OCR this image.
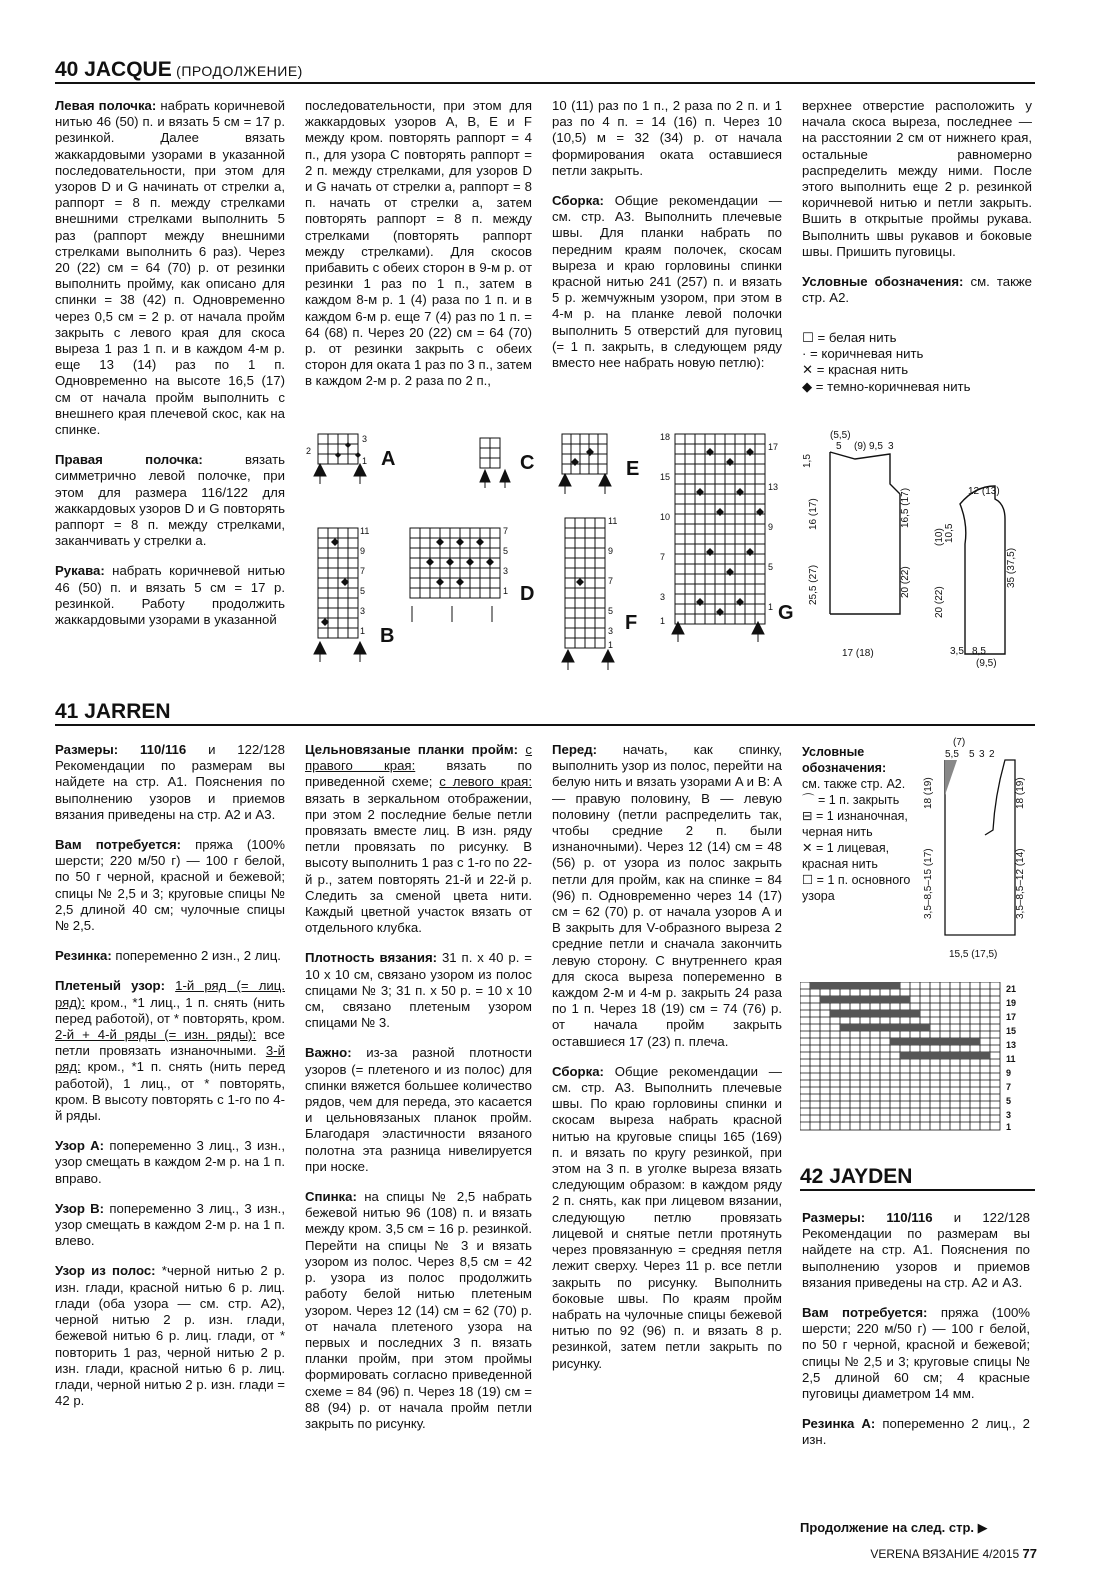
40 JACQUE (ПРОДОЛЖЕНИЕ)

Левая полочка: набрать коричневой нитью 46 (50) п. и вязать 5 см = 17 р. резинкой. Далее вязать жаккардовыми узорами в указанной последовательности, при этом для узоров D и G начинать от стрелки a, раппорт = 8 п. между стрелками внешними стрелками выполнить 5 раз (раппорт между внешними стрелками выполнить 6 раз). Через 20 (22) см = 64 (70) р. от резинки выполнить пройму, как описано для спинки = 38 (42) п. Одновременно через 0,5 см = 2 р. от начала пройм закрыть с левого края для скоса выреза 1 раз 1 п. и в каждом 4-м р. еще 13 (14) раз по 1 п. Одновременно на высоте 16,5 (17) см от начала пройм выполнить с внешнего края плечевой скос, как на спинке.

Правая полочка: вязать симметрично левой полочке, при этом для размера 116/122 для жаккардовых узоров D и G повторять раппорт = 8 п. между стрелками, заканчивать у стрелки a.

Рукава: набрать коричневой нитью 46 (50) п. и вязать 5 см = 17 р. резинкой. Работу продолжить жаккардовыми узорами в указанной

последовательности, при этом для жаккардовых узоров A, B, E и F между кром. повторять раппорт = 4 п., для узора C повторять раппорт = 2 п. между стрелками, для узоров D и G начать от стрелки a, раппорт = 8 п. начать от стрелки a, затем повторять раппорт = 8 п. между стрелками (повторять раппорт между стрелками). Для скосов прибавить с обеих сторон в 9-м р. от резинки 1 раз по 1 п., затем в каждом 8-м р. 1 (4) раза по 1 п. и в каждом 6-м р. еще 7 (4) раз по 1 п. = 64 (68) п. Через 20 (22) см = 64 (70) р. от резинки закрыть с обеих сторон для оката 1 раз по 3 п., затем в каждом 2-м р. 2 раза по 2 п.,

10 (11) раз по 1 п., 2 раза по 2 п. и 1 раз по 4 п. = 14 (16) п. Через 10 (10,5) м = 32 (34) р. от начала формирования оката оставшиеся петли закрыть.

Сборка: Общие рекомендации — см. стр. A3. Выполнить плечевые швы. Для планки набрать по передним краям полочек, скосам выреза и краю горловины спинки красной нитью 241 (257) п. и вязать 5 р. жемчужным узором, при этом в 4-м р. на планке левой полочки выполнить 5 отверстий для пуговиц (= 1 п. закрыть, в следующем ряду вместо нее набрать новую петлю):

верхнее отверстие расположить у начала скоса выреза, последнее — на расстоянии 2 см от нижнего края, остальные равномерно распределить между ними. После этого выполнить еще 2 р. резинкой коричневой нитью и петли закрыть. Вшить в открытые проймы рукава. Выполнить швы рукавов и боковые швы. Пришить пуговицы.

Условные обозначения: см. также стр. A2.

☐ = белая нить
· = коричневая нить
✕ = красная нить
◆ = темно-коричневая нить
3
2
1
11
9
7
5
3
1
7
5
3
1
11
9
7
5
3
1
18
15
10
7
3
1
17
13
9
5
1
A	C	E
B
D
F	G
(5,5)
5 (9) 9,5 3
1,5
16 (17)	16,5 (17)
25,5 (27)	20 (22)
17 (18)
12 (13)
(10) 10,5
35 (37,5)
20 (22)
3,5 8,5
(9,5)
41 JARREN

Размеры: 110/116 и 122/128 Рекомендации по размерам вы найдете на стр. A1. Пояснения по выполнению узоров и приемов вязания приведены на стр. A2 и A3.

Вам потребуется: пряжа (100% шерсти; 220 м/50 г) — 100 г белой, по 50 г черной, красной и бежевой; спицы № 2,5 и 3; круговые спицы № 2,5 длиной 40 см; чулочные спицы № 2,5.

Резинка: попеременно 2 изн., 2 лиц.

Плетеный узор: 1-й ряд (= лиц. ряд): кром., *1 лиц., 1 п. снять (нить перед работой), от * повторять, кром. 2-й + 4-й ряды (= изн. ряды): все петли провязать изнаночными. 3-й ряд: кром., *1 п. снять (нить перед работой), 1 лиц., от * повторять, кром. В высоту повторять с 1-го по 4-й ряды.

Узор А: попеременно 3 лиц., 3 изн., узор смещать в каждом 2-м р. на 1 п. вправо.

Узор В: попеременно 3 лиц., 3 изн., узор смещать в каждом 2-м р. на 1 п. влево.

Узор из полос: *черной нитью 2 р. изн. глади, красной нитью 6 р. лиц. глади (оба узора — см. стр. A2), черной нитью 2 р. изн. глади, бежевой нитью 6 р. лиц. глади, от * повторить 1 раз, черной нитью 2 р. изн. глади, красной нитью 6 р. лиц. глади, черной нитью 2 р. изн. глади = 42 р.

Цельновязаные планки пройм: с правого края: вязать по приведенной схеме; с левого края: вязать в зеркальном отображении, при этом 2 последние белые петли провязать вместе лиц. В изн. ряду петли провязать по рисунку. В высоту выполнить 1 раз с 1-го по 22-й р., затем повторять 21-й и 22-й р. Следить за сменой цвета нити. Каждый цветной участок вязать от отдельного клубка.

Плотность вязания: 31 п. х 40 р. = 10 х 10 см, связано узором из полос спицами № 3; 31 п. х 50 р. = 10 х 10 см, связано плетеным узором спицами № 3.

Важно: из-за разной плотности узоров (= плетеного и из полос) для спинки вяжется большее количество рядов, чем для переда, это касается и цельновязаных планок пройм. Благодаря эластичности вязаного полотна эта разница нивелируется при носке.

Спинка: на спицы № 2,5 набрать бежевой нитью 96 (108) п. и вязать между кром. 3,5 см = 16 р. резинкой. Перейти на спицы № 3 и вязать узором из полос. Через 8,5 см = 42 р. узора из полос продолжить работу белой нитью плетеным узором. Через 12 (14) см = 62 (70) р. от начала плетеного узора на первых и последних 3 п. вязать планки пройм, при этом проймы формировать согласно приведенной схеме = 84 (96) п. Через 18 (19) см = 88 (94) р. от начала пройм петли закрыть по рисунку.

Перед: начать, как спинку, выполнить узор из полос, перейти на белую нить и вязать узорами A и B: A — правую половину, B — левую половину (петли распределить так, чтобы средние 2 п. были изнаночными). Через 12 (14) см = 48 (56) р. от узора из полос закрыть петли для пройм, как на спинке = 84 (96) п. Одновременно через 14 (17) см = 62 (70) р. от начала узоров A и B закрыть для V-образного выреза 2 средние петли и сначала закончить левую сторону. С внутреннего края для скоса выреза попеременно в каждом 2-м и 4-м р. закрыть 24 раза по 1 п. Через 18 (19) см = 74 (76) р. от начала пройм закрыть оставшиеся 17 (23) п. плеча.

Сборка: Общие рекомендации — см. стр. A3. Выполнить плечевые швы. По краю горловины спинки и скосам выреза набрать красной нитью на круговые спицы 165 (169) п. и вязать по кругу резинкой, при этом на 3 п. в уголке выреза вязать следующим образом: в каждом ряду 2 п. снять, как при лицевом вязании, следующую петлю провязать лицевой и снятые петли протянуть через провязанную = средняя петля лежит сверху. Через 11 р. все петли закрыть по рисунку. Выполнить боковые швы. По краям пройм набрать на чулочные спицы бежевой нитью по 92 (96) п. и вязать 8 р. резинкой, затем петли закрыть по рисунку.

Условные обозначения:
см. также стр. A2.
⌒ = 1 п. закрыть
⊟ = 1 изнаночная, черная нить
✕ = 1 лицевая, красная нить
☐ = 1 п. основного узора
(7)
5,5 5 3 2
18 (19)
3,5–8,5–15 (17)
18 (19)
3,5–8,5–12 (14)
15,5 (17,5)
21
19
17
15
13
11
9
7
5
3
1
42 JAYDEN

Размеры: 110/116 и 122/128 Рекомендации по размерам вы найдете на стр. A1. Пояснения по выполнению узоров и приемов вязания приведены на стр. A2 и A3.

Вам потребуется: пряжа (100% шерсти; 220 м/50 г) — 100 г белой, по 50 г черной, красной и бежевой; спицы № 2,5 и 3; круговые спицы № 2,5 длиной 60 см; 4 красные пуговицы диаметром 14 мм.

Резинка А: попеременно 2 лиц., 2 изн.

Продолжение на след. стр. ▶
VERENA ВЯЗАНИЕ 4/2015 77
